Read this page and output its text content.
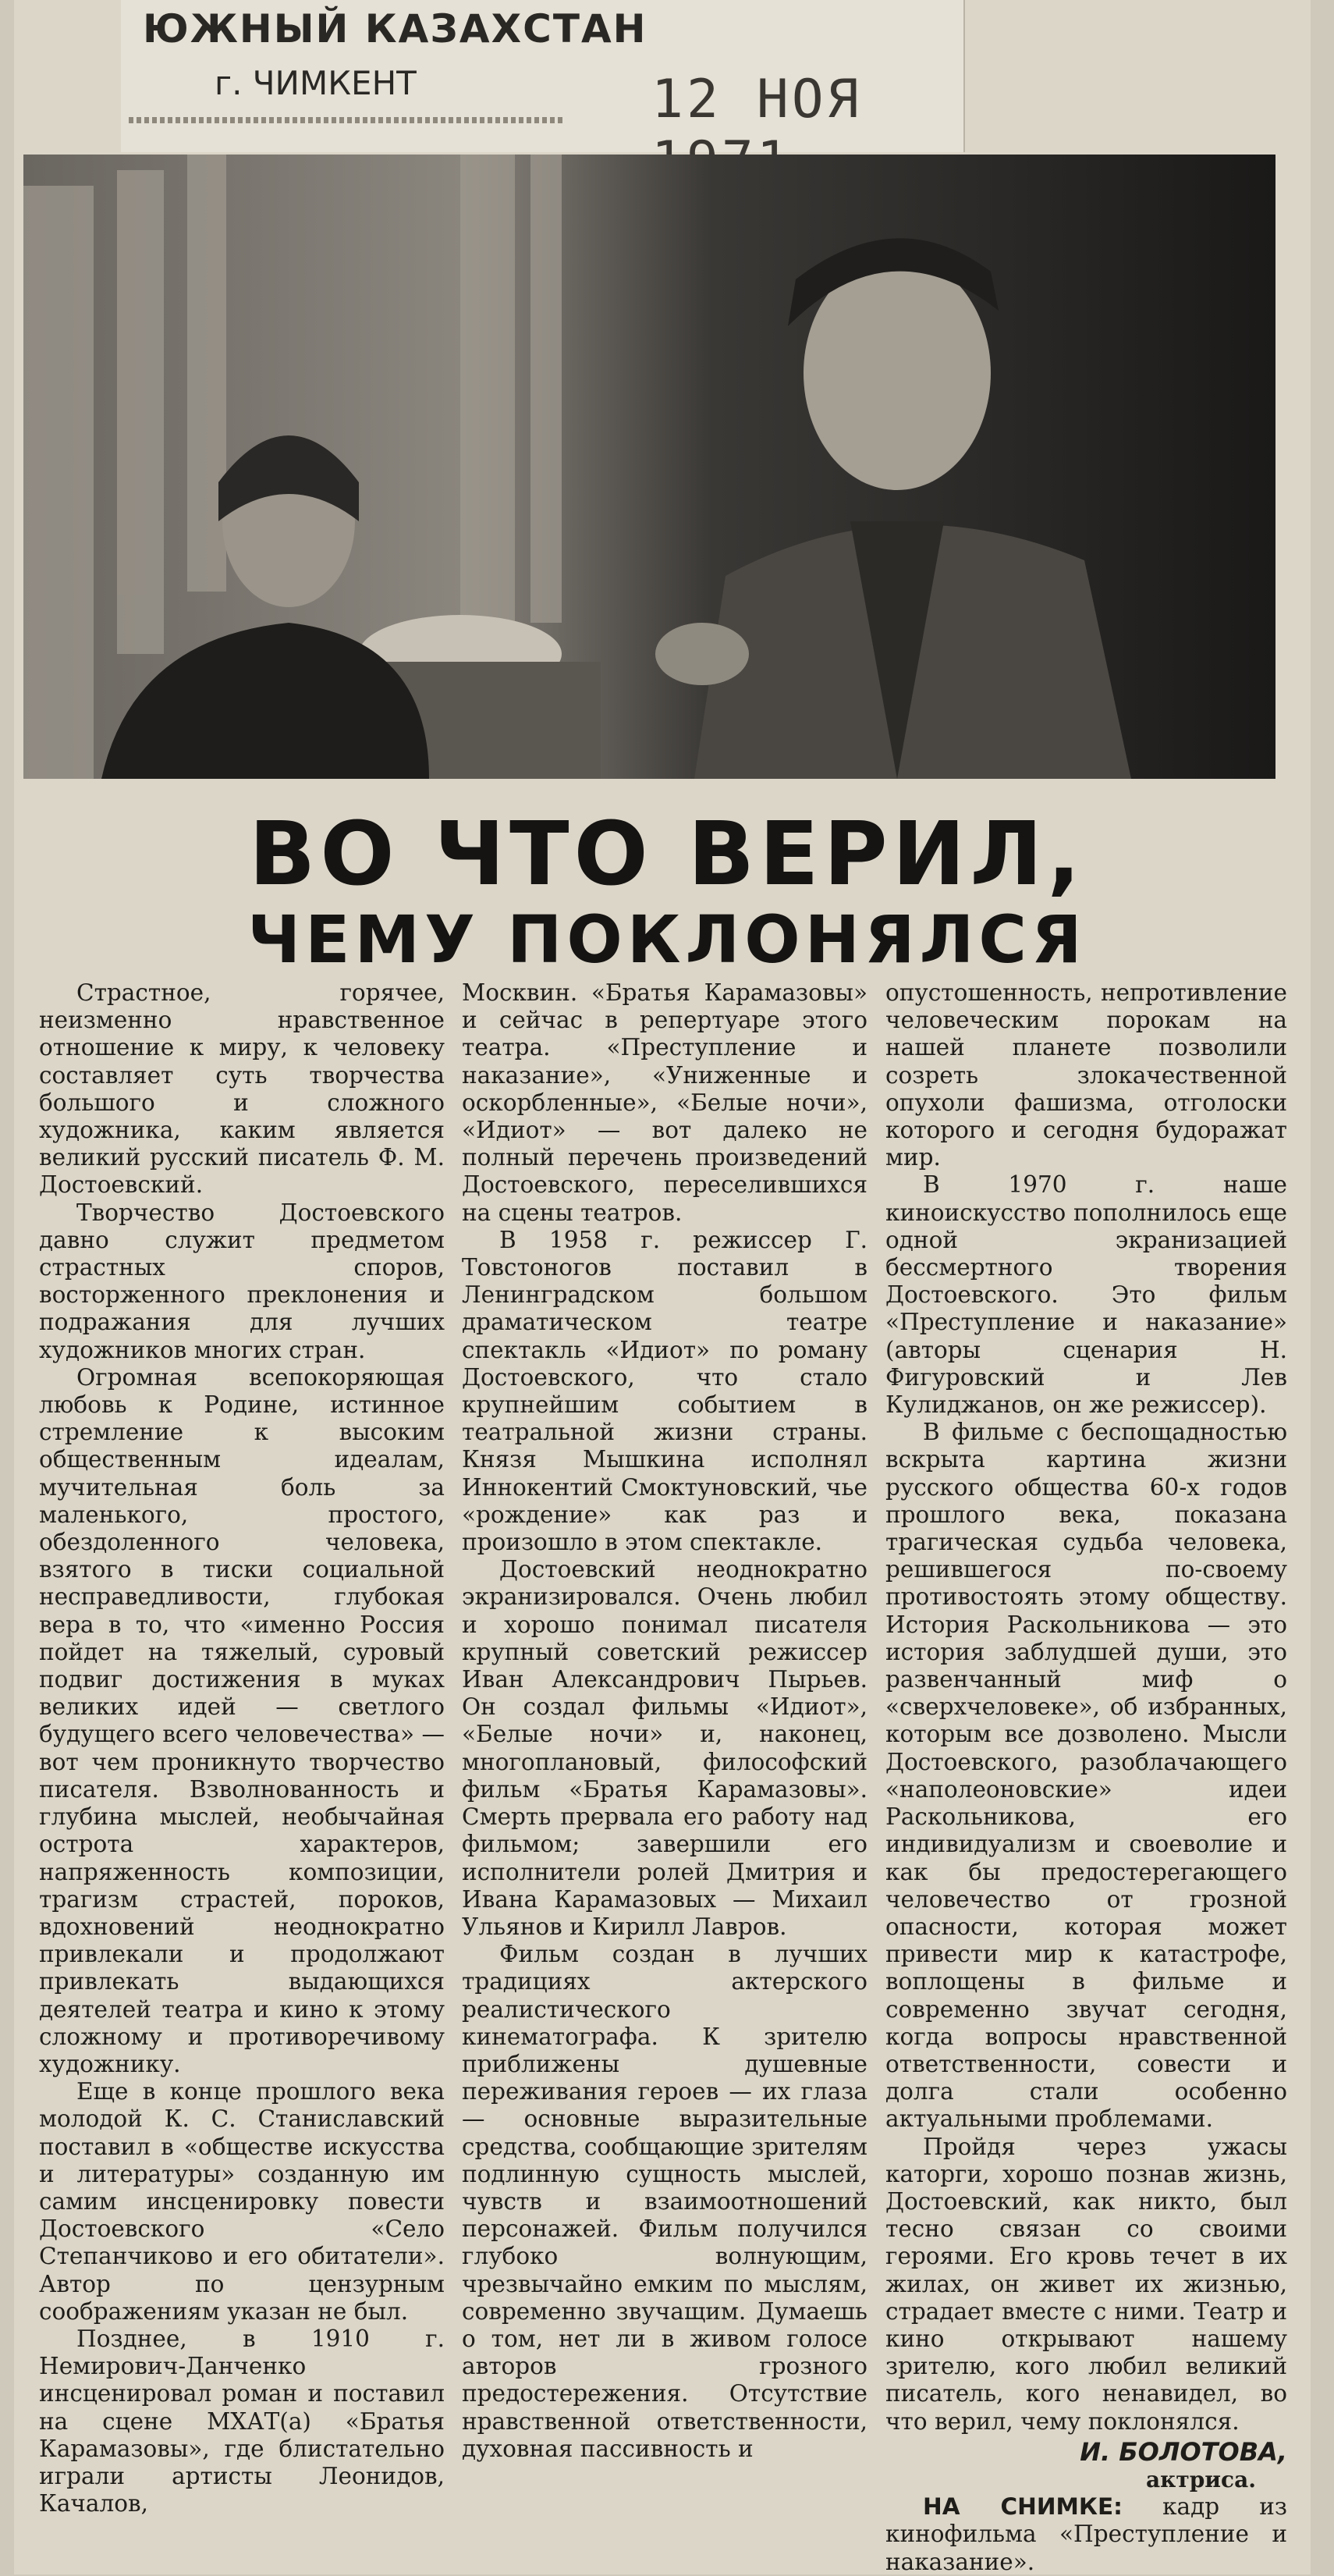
ЮЖНЫЙ КАЗАХСТАН
г. ЧИМКЕНТ	12 НОЯ
ВО ЧТО ВЕРИЛ,
ЧЕМУ ПОКЛОНЯЛСЯ

Страстное, горячее, неизменно нравственное отношение к миру, к человеку составляет суть творчества большого и сложного художника, каким является великий русский писатель Ф. М. Достоевский.

Творчество Достоевского давно служит предметом страстных споров, восторженного преклонения и подражания для лучших художников многих стран.

Огромная всепокоряющая любовь к Родине, истинное стремление к высоким общественным идеалам, мучительная боль за маленького, простого, обездоленного человека, взятого в тиски социальной несправедливости, глубокая вера в то, что «именно Россия пойдет на тяжелый, суровый подвиг достижения в муках великих идей — светлого будущего всего человечества» — вот чем проникнуто творчество писателя. Взволнованность и глубина мыслей, необычайная острота характеров, напряженность композиции, трагизм страстей, пороков, вдохновений неоднократно привлекали и продолжают привлекать выдающихся деятелей театра и кино к этому сложному и противоречивому художнику.

Еще в конце прошлого века молодой К. С. Станиславский поставил в «обществе искусства и литературы» созданную им самим инсценировку повести Достоевского «Село Степанчиково и его обитатели». Автор по цензурным соображениям указан не был.

Позднее, в 1910 г. Немирович-Данченко инсценировал роман и поставил на сцене МХАТ(а) «Братья Карамазовы», где блистательно играли артисты Леонидов, Качалов,

Москвин. «Братья Карамазовы» и сейчас в репертуаре этого театра. «Преступление и наказание», «Униженные и оскорбленные», «Белые ночи», «Идиот» — вот далеко не полный перечень произведений Достоевского, переселившихся на сцены театров.

В 1958 г. режиссер Г. Товстоногов поставил в Ленинградском большом драматическом театре спектакль «Идиот» по роману Достоевского, что стало крупнейшим событием в театральной жизни страны. Князя Мышкина исполнял Иннокентий Смоктуновский, чье «рождение» как раз и произошло в этом спектакле.

Достоевский неоднократно экранизировался. Очень любил и хорошо понимал писателя крупный советский режиссер Иван Александрович Пырьев. Он создал фильмы «Идиот», «Белые ночи» и, наконец, многоплановый, философский фильм «Братья Карамазовы». Смерть прервала его работу над фильмом; завершили его исполнители ролей Дмитрия и Ивана Карамазовых — Михаил Ульянов и Кирилл Лавров.

Фильм создан в лучших традициях актерского реалистического кинематографа. К зрителю приближены душевные переживания героев — их глаза — основные выразительные средства, сообщающие зрителям подлинную сущность мыслей, чувств и взаимоотношений персонажей. Фильм получился глубоко волнующим, чрезвычайно емким по мыслям, современно звучащим. Думаешь о том, нет ли в живом голосе авторов грозного предостережения. Отсутствие нравственной ответственности, духовная пассивность и

опустошенность, непротивление человеческим порокам на нашей планете позволили созреть злокачественной опухоли фашизма, отголоски которого и сегодня будоражат мир.

В 1970 г. наше киноискусство пополнилось еще одной экранизацией бессмертного творения Достоевского. Это фильм «Преступление и наказание» (авторы сценария Н. Фигуровский и Лев Кулиджанов, он же режиссер).

В фильме с беспощадностью вскрыта картина жизни русского общества 60-х годов прошлого века, показана трагическая судьба человека, решившегося по-своему противостоять этому обществу. История Раскольникова — это история заблудшей души, это развенчанный миф о «сверхчеловеке», об избранных, которым все дозволено. Мысли Достоевского, разоблачающего «наполеоновские» идеи Раскольникова, его индивидуализм и своеволие и как бы предостерегающего человечество от грозной опасности, которая может привести мир к катастрофе, воплощены в фильме и современно звучат сегодня, когда вопросы нравственной ответственности, совести и долга стали особенно актуальными проблемами.

Пройдя через ужасы каторги, хорошо познав жизнь, Достоевский, как никто, был тесно связан со своими героями. Его кровь течет в их жилах, он живет их жизнью, страдает вместе с ними. Театр и кино открывают нашему зрителю, кого любил великий писатель, кого ненавидел, во что верил, чему поклонялся.

И. БОЛОТОВА,
актриса.

НА СНИМКЕ: кадр из кинофильма «Преступление и наказание».
